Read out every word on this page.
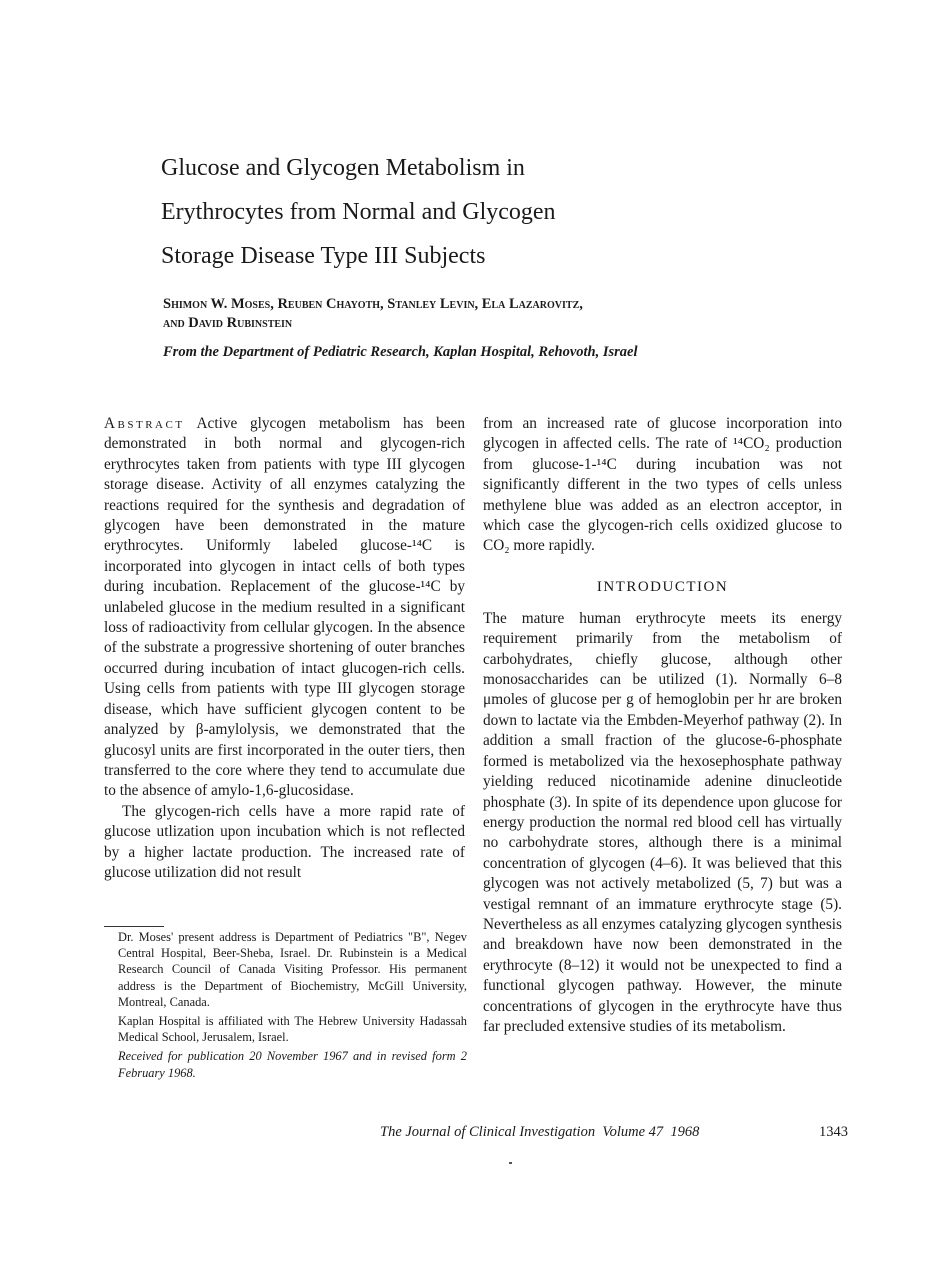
Glucose and Glycogen Metabolism in
Erythrocytes from Normal and Glycogen
Storage Disease Type III Subjects
Shimon W. Moses, Reuben Chayoth, Stanley Levin, Ela Lazarovitz,
and David Rubinstein
From the Department of Pediatric Research, Kaplan Hospital, Rehovoth, Israel

Abstract Active glycogen metabolism has been demonstrated in both normal and glycogen-rich erythrocytes taken from patients with type III glycogen storage disease. Activity of all enzymes catalyzing the reactions required for the synthesis and degradation of glycogen have been demonstrated in the mature erythrocytes. Uniformly labeled glucose-¹⁴C is incorporated into glycogen in intact cells of both types during incubation. Replacement of the glucose-¹⁴C by unlabeled glucose in the medium resulted in a significant loss of radioactivity from cellular glycogen. In the absence of the substrate a progressive shortening of outer branches occurred during incubation of intact glucogen-rich cells. Using cells from patients with type III glycogen storage disease, which have sufficient glycogen content to be analyzed by β-amylolysis, we demonstrated that the glucosyl units are first incorporated in the outer tiers, then transferred to the core where they tend to accumulate due to the absence of amylo-1,6-glucosidase.

The glycogen-rich cells have a more rapid rate of glucose utlization upon incubation which is not reflected by a higher lactate production. The increased rate of glucose utilization did not result

Dr. Moses' present address is Department of Pediatrics "B", Negev Central Hospital, Beer-Sheba, Israel. Dr. Rubinstein is a Medical Research Council of Canada Visiting Professor. His permanent address is the Department of Biochemistry, McGill University, Montreal, Canada.

Kaplan Hospital is affiliated with The Hebrew University Hadassah Medical School, Jerusalem, Israel.

Received for publication 20 November 1967 and in revised form 2 February 1968.

from an increased rate of glucose incorporation into glycogen in affected cells. The rate of ¹⁴CO₂ production from glucose-1-¹⁴C during incubation was not significantly different in the two types of cells unless methylene blue was added as an electron acceptor, in which case the glycogen-rich cells oxidized glucose to CO₂ more rapidly.

INTRODUCTION

The mature human erythrocyte meets its energy requirement primarily from the metabolism of carbohydrates, chiefly glucose, although other monosaccharides can be utilized (1). Normally 6–8 μmoles of glucose per g of hemoglobin per hr are broken down to lactate via the Embden-Meyerhof pathway (2). In addition a small fraction of the glucose-6-phosphate formed is metabolized via the hexosephosphate pathway yielding reduced nicotinamide adenine dinucleotide phosphate (3). In spite of its dependence upon glucose for energy production the normal red blood cell has virtually no carbohydrate stores, although there is a minimal concentration of glycogen (4–6). It was believed that this glycogen was not actively metabolized (5, 7) but was a vestigal remnant of an immature erythrocyte stage (5). Nevertheless as all enzymes catalyzing glycogen synthesis and breakdown have now been demonstrated in the erythrocyte (8–12) it would not be unexpected to find a functional glycogen pathway. However, the minute concentrations of glycogen in the erythrocyte have thus far precluded extensive studies of its metabolism.

The Journal of Clinical Investigation Volume 47 1968	1343
